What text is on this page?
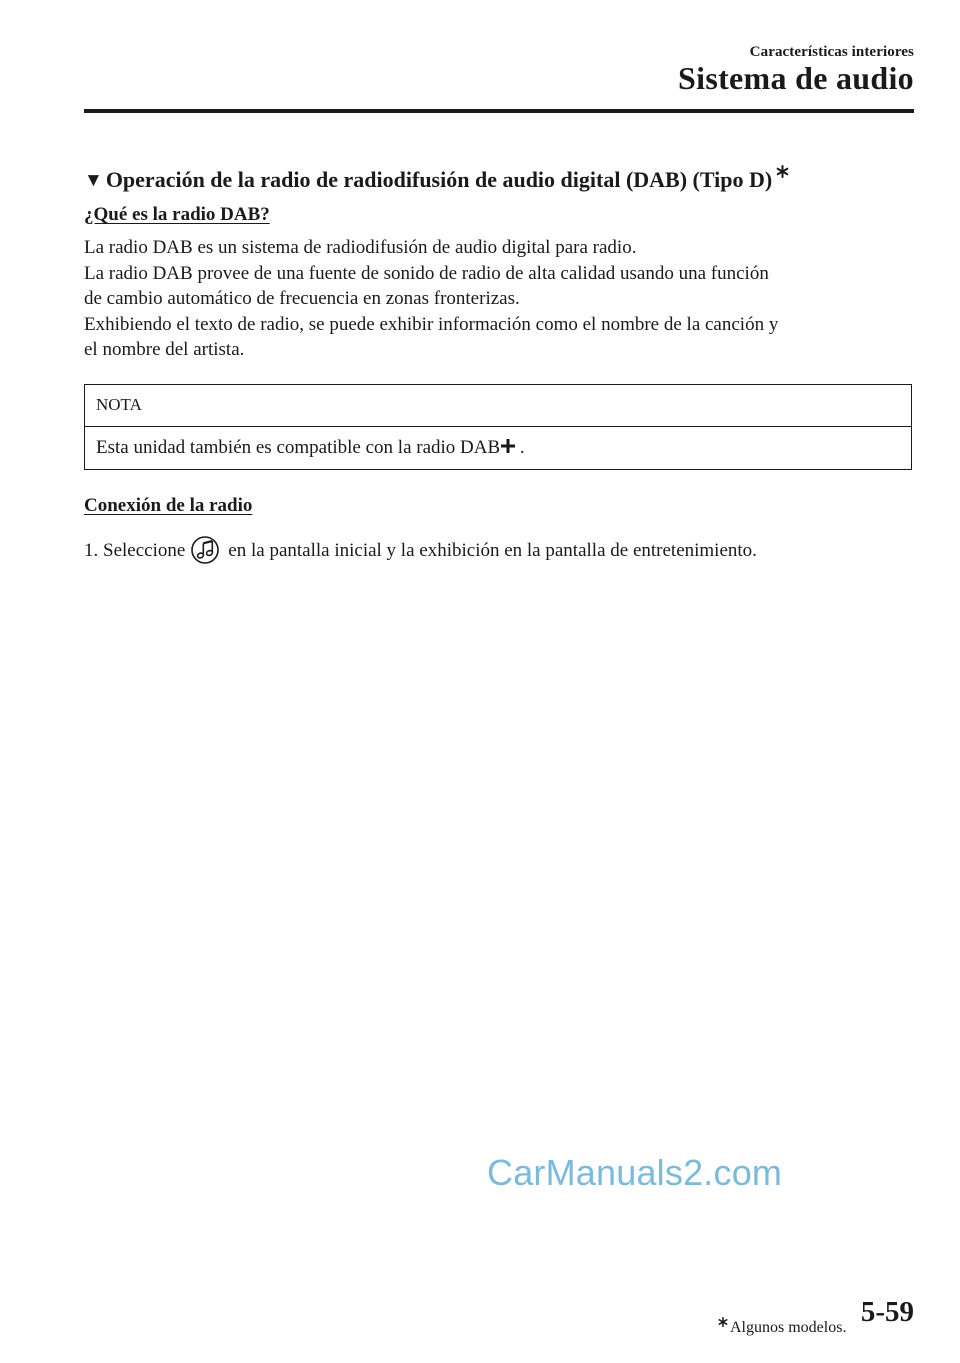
Características interiores
Sistema de audio
▼ Operación de la radio de radiodifusión de audio digital (DAB) (Tipo D)
¿Qué es la radio DAB?

La radio DAB es un sistema de radiodifusión de audio digital para radio.

La radio DAB provee de una fuente de sonido de radio de alta calidad usando una función

de cambio automático de frecuencia en zonas fronterizas.

Exhibiendo el texto de radio, se puede exhibir información como el nombre de la canción y

el nombre del artista.

NOTA
Esta unidad también es compatible con la radio DAB .
Conexión de la radio
1. Seleccione en la pantalla inicial y la exhibición en la pantalla de entretenimiento.
CarManuals2.com
Algunos modelos. 5-59
